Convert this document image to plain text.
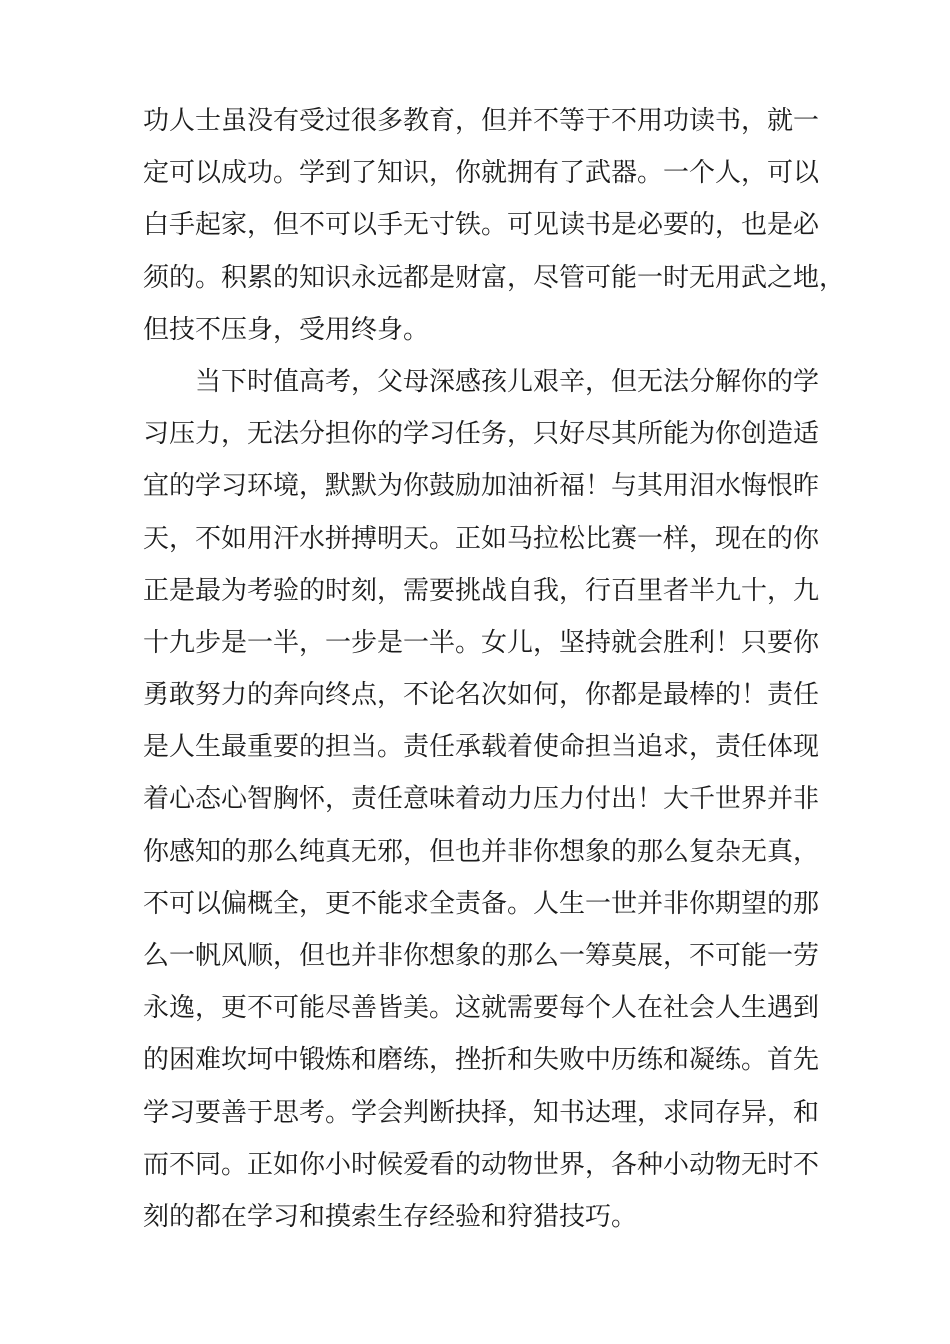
功人士虽没有受过很多教育，但并不等于不用功读书，就一
定可以成功。学到了知识，你就拥有了武器。一个人，可以
白手起家，但不可以手无寸铁。可见读书是必要的，也是必
须的。积累的知识永远都是财富，尽管可能一时无用武之地，
但技不压身，受用终身。
当下时值高考，父母深感孩儿艰辛，但无法分解你的学
习压力，无法分担你的学习任务，只好尽其所能为你创造适
宜的学习环境，默默为你鼓励加油祈福！与其用泪水悔恨昨
天，不如用汗水拼搏明天。正如马拉松比赛一样，现在的你
正是最为考验的时刻，需要挑战自我，行百里者半九十，九
十九步是一半，一步是一半。女儿，坚持就会胜利！只要你
勇敢努力的奔向终点，不论名次如何，你都是最棒的！责任
是人生最重要的担当。责任承载着使命担当追求，责任体现
着心态心智胸怀，责任意味着动力压力付出！大千世界并非
你感知的那么纯真无邪，但也并非你想象的那么复杂无真，
不可以偏概全，更不能求全责备。人生一世并非你期望的那
么一帆风顺，但也并非你想象的那么一筹莫展，不可能一劳
永逸，更不可能尽善皆美。这就需要每个人在社会人生遇到
的困难坎坷中锻炼和磨练，挫折和失败中历练和凝练。首先
学习要善于思考。学会判断抉择，知书达理，求同存异，和
而不同。正如你小时候爱看的动物世界，各种小动物无时不
刻的都在学习和摸索生存经验和狩猎技巧。
